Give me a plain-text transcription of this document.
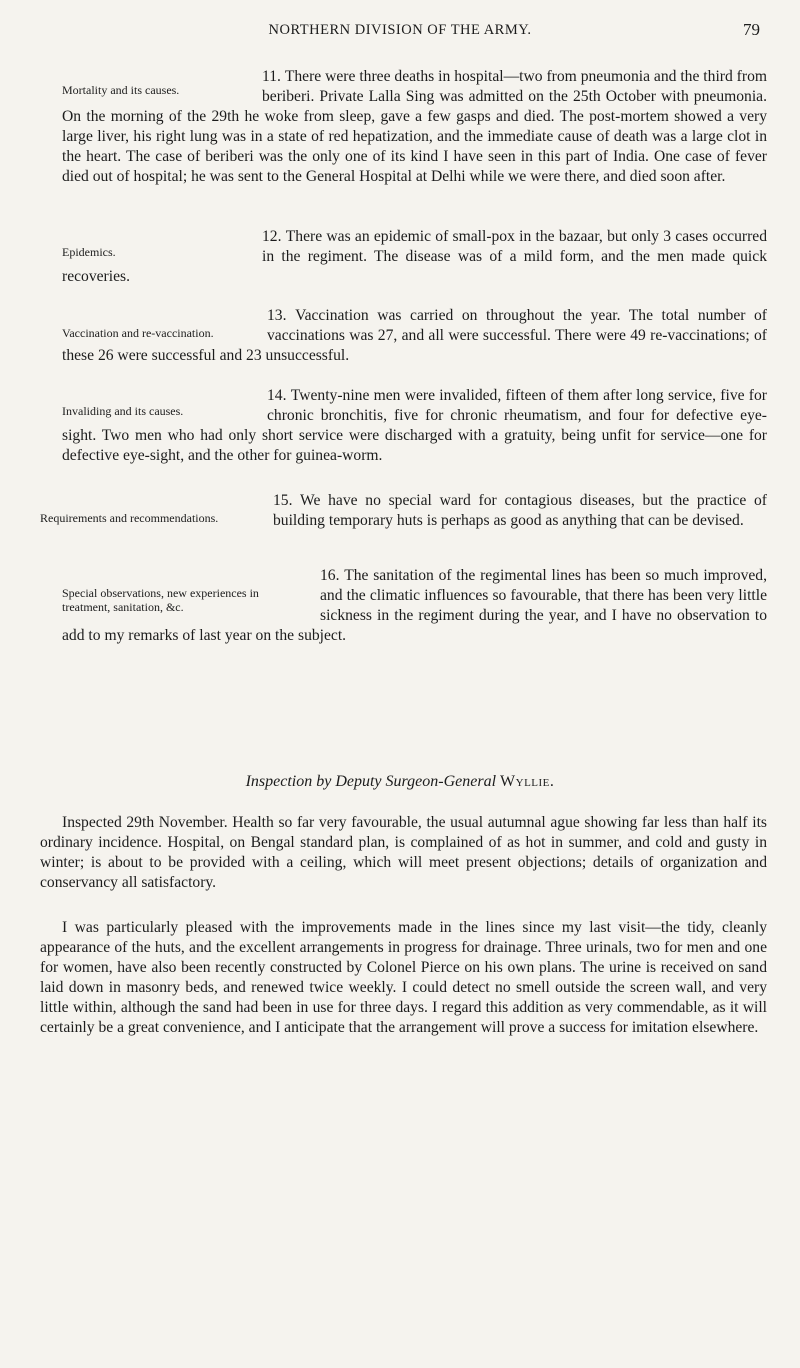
NORTHERN DIVISION OF THE ARMY.	79

11.
Mortality and its causes.
There were three deaths in hospital—two from pneumonia and the third from beriberi. Private Lalla Sing was admitted on the 25th October with pneumonia. On the morning of the 29th he woke from sleep, gave a few gasps and died. The post-mortem showed a very large liver, his right lung was in a state of red hepatization, and the immediate cause of death was a large clot in the heart. The case of beriberi was the only one of its kind I have seen in this part of India. One case of fever died out of hospital; he was sent to the General Hospital at Delhi while we were there, and died soon after.

12.
Epidemics.
There was an epidemic of small-pox in the bazaar, but only 3 cases occurred in the regiment. The disease was of a mild form, and the men made quick recoveries.

13.
Vaccination and re-vaccination.
Vaccination was carried on throughout the year. The total number of vaccinations was 27, and all were successful. There were 49 re-vaccinations; of these 26 were successful and 23 unsuccessful.

14.
Invaliding and its causes.
Twenty-nine men were invalided, fifteen of them after long service, five for chronic bronchitis, five for chronic rheumatism, and four for defective eye-sight. Two men who had only short service were discharged with a gratuity, being unfit for service—one for defective eye-sight, and the other for guinea-worm.

Requirements and recommendations.
15. We have no special ward for contagious diseases, but the practice of building temporary huts is perhaps as good as anything that can be devised.

16.
Special observations, new experiences in treatment, sanitation, &c.
The sanitation of the regimental lines has been so much improved, and the climatic influences so favourable, that there has been very little sickness in the regiment during the year, and I have no observation to add to my remarks of last year on the subject.

Inspection by Deputy Surgeon-General Wyllie.

Inspected 29th November. Health so far very favourable, the usual autumnal ague showing far less than half its ordinary incidence. Hospital, on Bengal standard plan, is complained of as hot in summer, and cold and gusty in winter; is about to be provided with a ceiling, which will meet present objections; details of organization and conservancy all satisfactory.

I was particularly pleased with the improvements made in the lines since my last visit—the tidy, cleanly appearance of the huts, and the excellent arrangements in progress for drainage. Three urinals, two for men and one for women, have also been recently constructed by Colonel Pierce on his own plans. The urine is received on sand laid down in masonry beds, and renewed twice weekly. I could detect no smell outside the screen wall, and very little within, although the sand had been in use for three days. I regard this addition as very commendable, as it will certainly be a great convenience, and I anticipate that the arrangement will prove a success for imitation elsewhere.
